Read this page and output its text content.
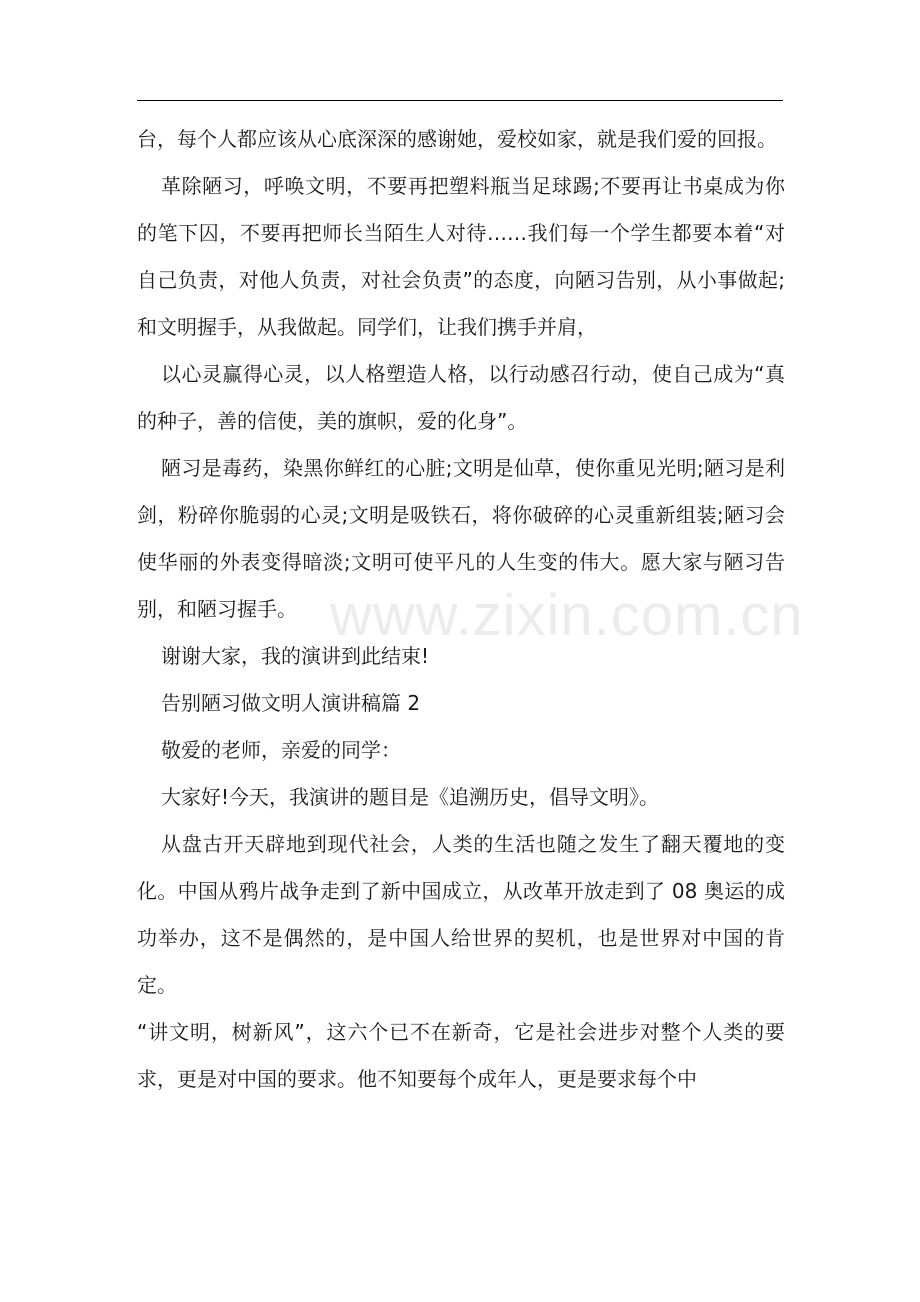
台，每个人都应该从心底深深的感谢她，爱校如家，就是我们爱的回报。

革除陋习，呼唤文明，不要再把塑料瓶当足球踢;不要再让书桌成为你的笔下囚，不要再把师长当陌生人对待……我们每一个学生都要本着“对自己负责，对他人负责，对社会负责”的态度，向陋习告别，从小事做起;和文明握手，从我做起。同学们，让我们携手并肩，

以心灵赢得心灵，以人格塑造人格，以行动感召行动，使自己成为“真的种子，善的信使，美的旗帜，爱的化身”。

陋习是毒药，染黑你鲜红的心脏;文明是仙草，使你重见光明;陋习是利剑，粉碎你脆弱的心灵;文明是吸铁石，将你破碎的心灵重新组装;陋习会使华丽的外表变得暗淡;文明可使平凡的人生变的伟大。愿大家与陋习告别，和陋习握手。

谢谢大家，我的演讲到此结束!

告别陋习做文明人演讲稿篇 2

敬爱的老师，亲爱的同学：

大家好!今天，我演讲的题目是《追溯历史，倡导文明》。

从盘古开天辟地到现代社会，人类的生活也随之发生了翻天覆地的变化。中国从鸦片战争走到了新中国成立，从改革开放走到了 08 奥运的成功举办，这不是偶然的，是中国人给世界的契机，也是世界对中国的肯定。

“讲文明，树新风”，这六个已不在新奇，它是社会进步对整个人类的要求，更是对中国的要求。他不知要每个成年人，更是要求每个中

www.zixin.com.cn
